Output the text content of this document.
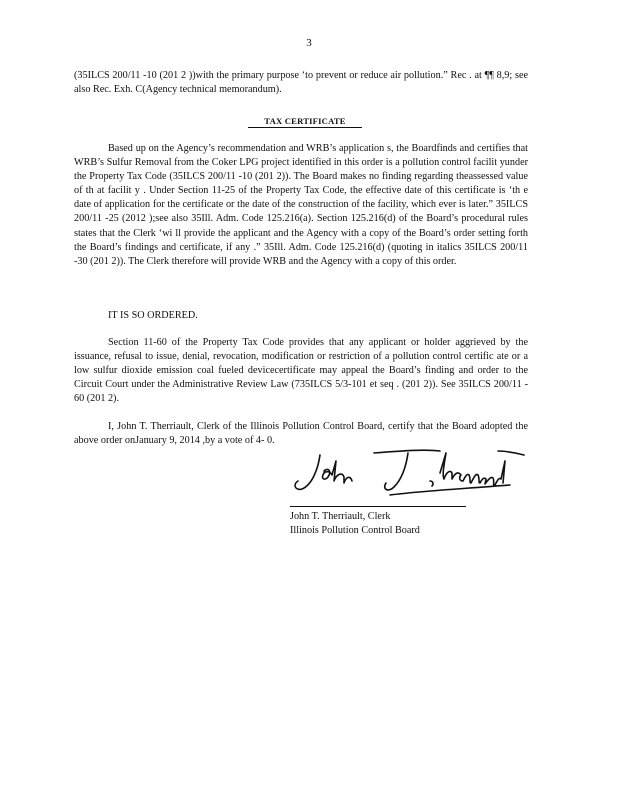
3

(35ILCS 200/11 -10 (201 2 ))with the primary purpose ‘to prevent or reduce air pollution.” Rec . at ¶¶ 8,9; see also Rec. Exh. C(Agency technical memorandum).

TAX CERTIFICATE

Based up on the Agency’s recommendation and WRB’s application s, the Boardfinds and certifies that WRB’s Sulfur Removal from the Coker LPG project identified in this order is a pollution control facilit yunder the Property Tax Code (35ILCS 200/11 -10 (201 2)). The Board makes no finding regarding theassessed value of th at facilit y . Under Section 11-25 of the Property Tax Code, the effective date of this certificate is ‘th e date of application for the certificate or the date of the construction of the facility, which ever is later.” 35ILCS 200/11 -25 (2012 );see also 35Ill. Adm. Code 125.216(a). Section 125.216(d) of the Board’s procedural rules states that the Clerk ‘wi ll provide the applicant and the Agency with a copy of the Board’s order setting forth the Board’s findings and certificate, if any .” 35Ill. Adm. Code 125.216(d) (quoting in italics 35ILCS 200/11 -30 (201 2)). The Clerk therefore will provide WRB and the Agency with a copy of this order.

IT IS SO ORDERED.

Section 11-60 of the Property Tax Code provides that any applicant or holder aggrieved by the issuance, refusal to issue, denial, revocation, modification or restriction of a pollution control certific ate or a low sulfur dioxide emission coal fueled devicecertificate may appeal the Board’s finding and order to the Circuit Court under the Administrative Review Law (735ILCS 5/3-101 et seq . (201 2)). See 35ILCS 200/11 - 60 (201 2).

I, John T. Therriault, Clerk of the Illinois Pollution Control Board, certify that the Board adopted the above order onJanuary 9, 2014 ,by a vote of 4- 0.

John T. Therriault, Clerk
Illinois Pollution Control Board
